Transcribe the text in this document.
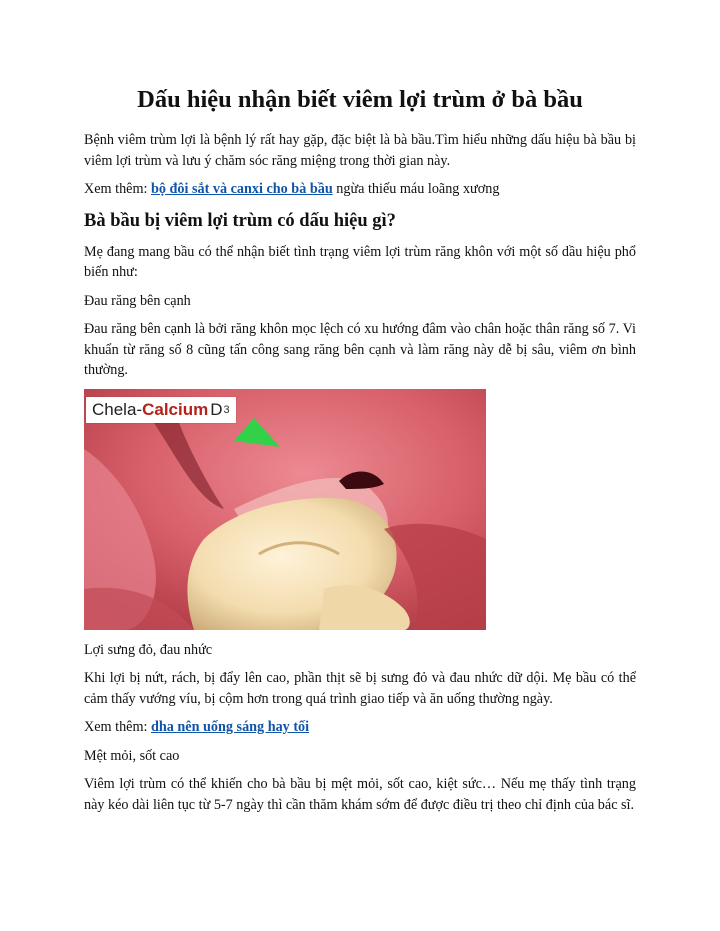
Dấu hiệu nhận biết viêm lợi trùm ở bà bầu

Bệnh viêm trùm lợi là bệnh lý rất hay gặp, đặc biệt là bà bầu.Tìm hiểu những dấu hiệu bà bầu bị viêm lợi trùm và lưu ý chăm sóc răng miệng trong thời gian này.

Xem thêm: bộ đôi sắt và canxi cho bà bầu ngừa thiếu máu loãng xương

Bà bầu bị viêm lợi trùm có dấu hiệu gì?

Mẹ đang mang bầu có thể nhận biết tình trạng viêm lợi trùm răng khôn với một số dầu hiệu phổ biến như:

Đau răng bên cạnh

Đau răng bên cạnh là bởi răng khôn mọc lệch có xu hướng đâm vào chân hoặc thân răng số 7. Vi khuẩn từ răng số 8 cũng tấn công sang răng bên cạnh và làm răng này dễ bị sâu, viêm ơn bình thường.

Chela- Calcium D 3

Lợi sưng đỏ, đau nhức

Khi lợi bị nứt, rách, bị đẩy lên cao, phần thịt sẽ bị sưng đỏ và đau nhức dữ dội. Mẹ bầu có thể cảm thấy vướng víu, bị cộm hơn trong quá trình giao tiếp và ăn uống thường ngày.

Xem thêm: dha nên uống sáng hay tối

Mệt mỏi, sốt cao

Viêm lợi trùm có thể khiến cho bà bầu bị mệt mỏi, sốt cao, kiệt sức… Nếu mẹ thấy tình trạng này kéo dài liên tục từ 5-7 ngày thì cần thăm khám sớm để được điều trị theo chỉ định của bác sĩ.
